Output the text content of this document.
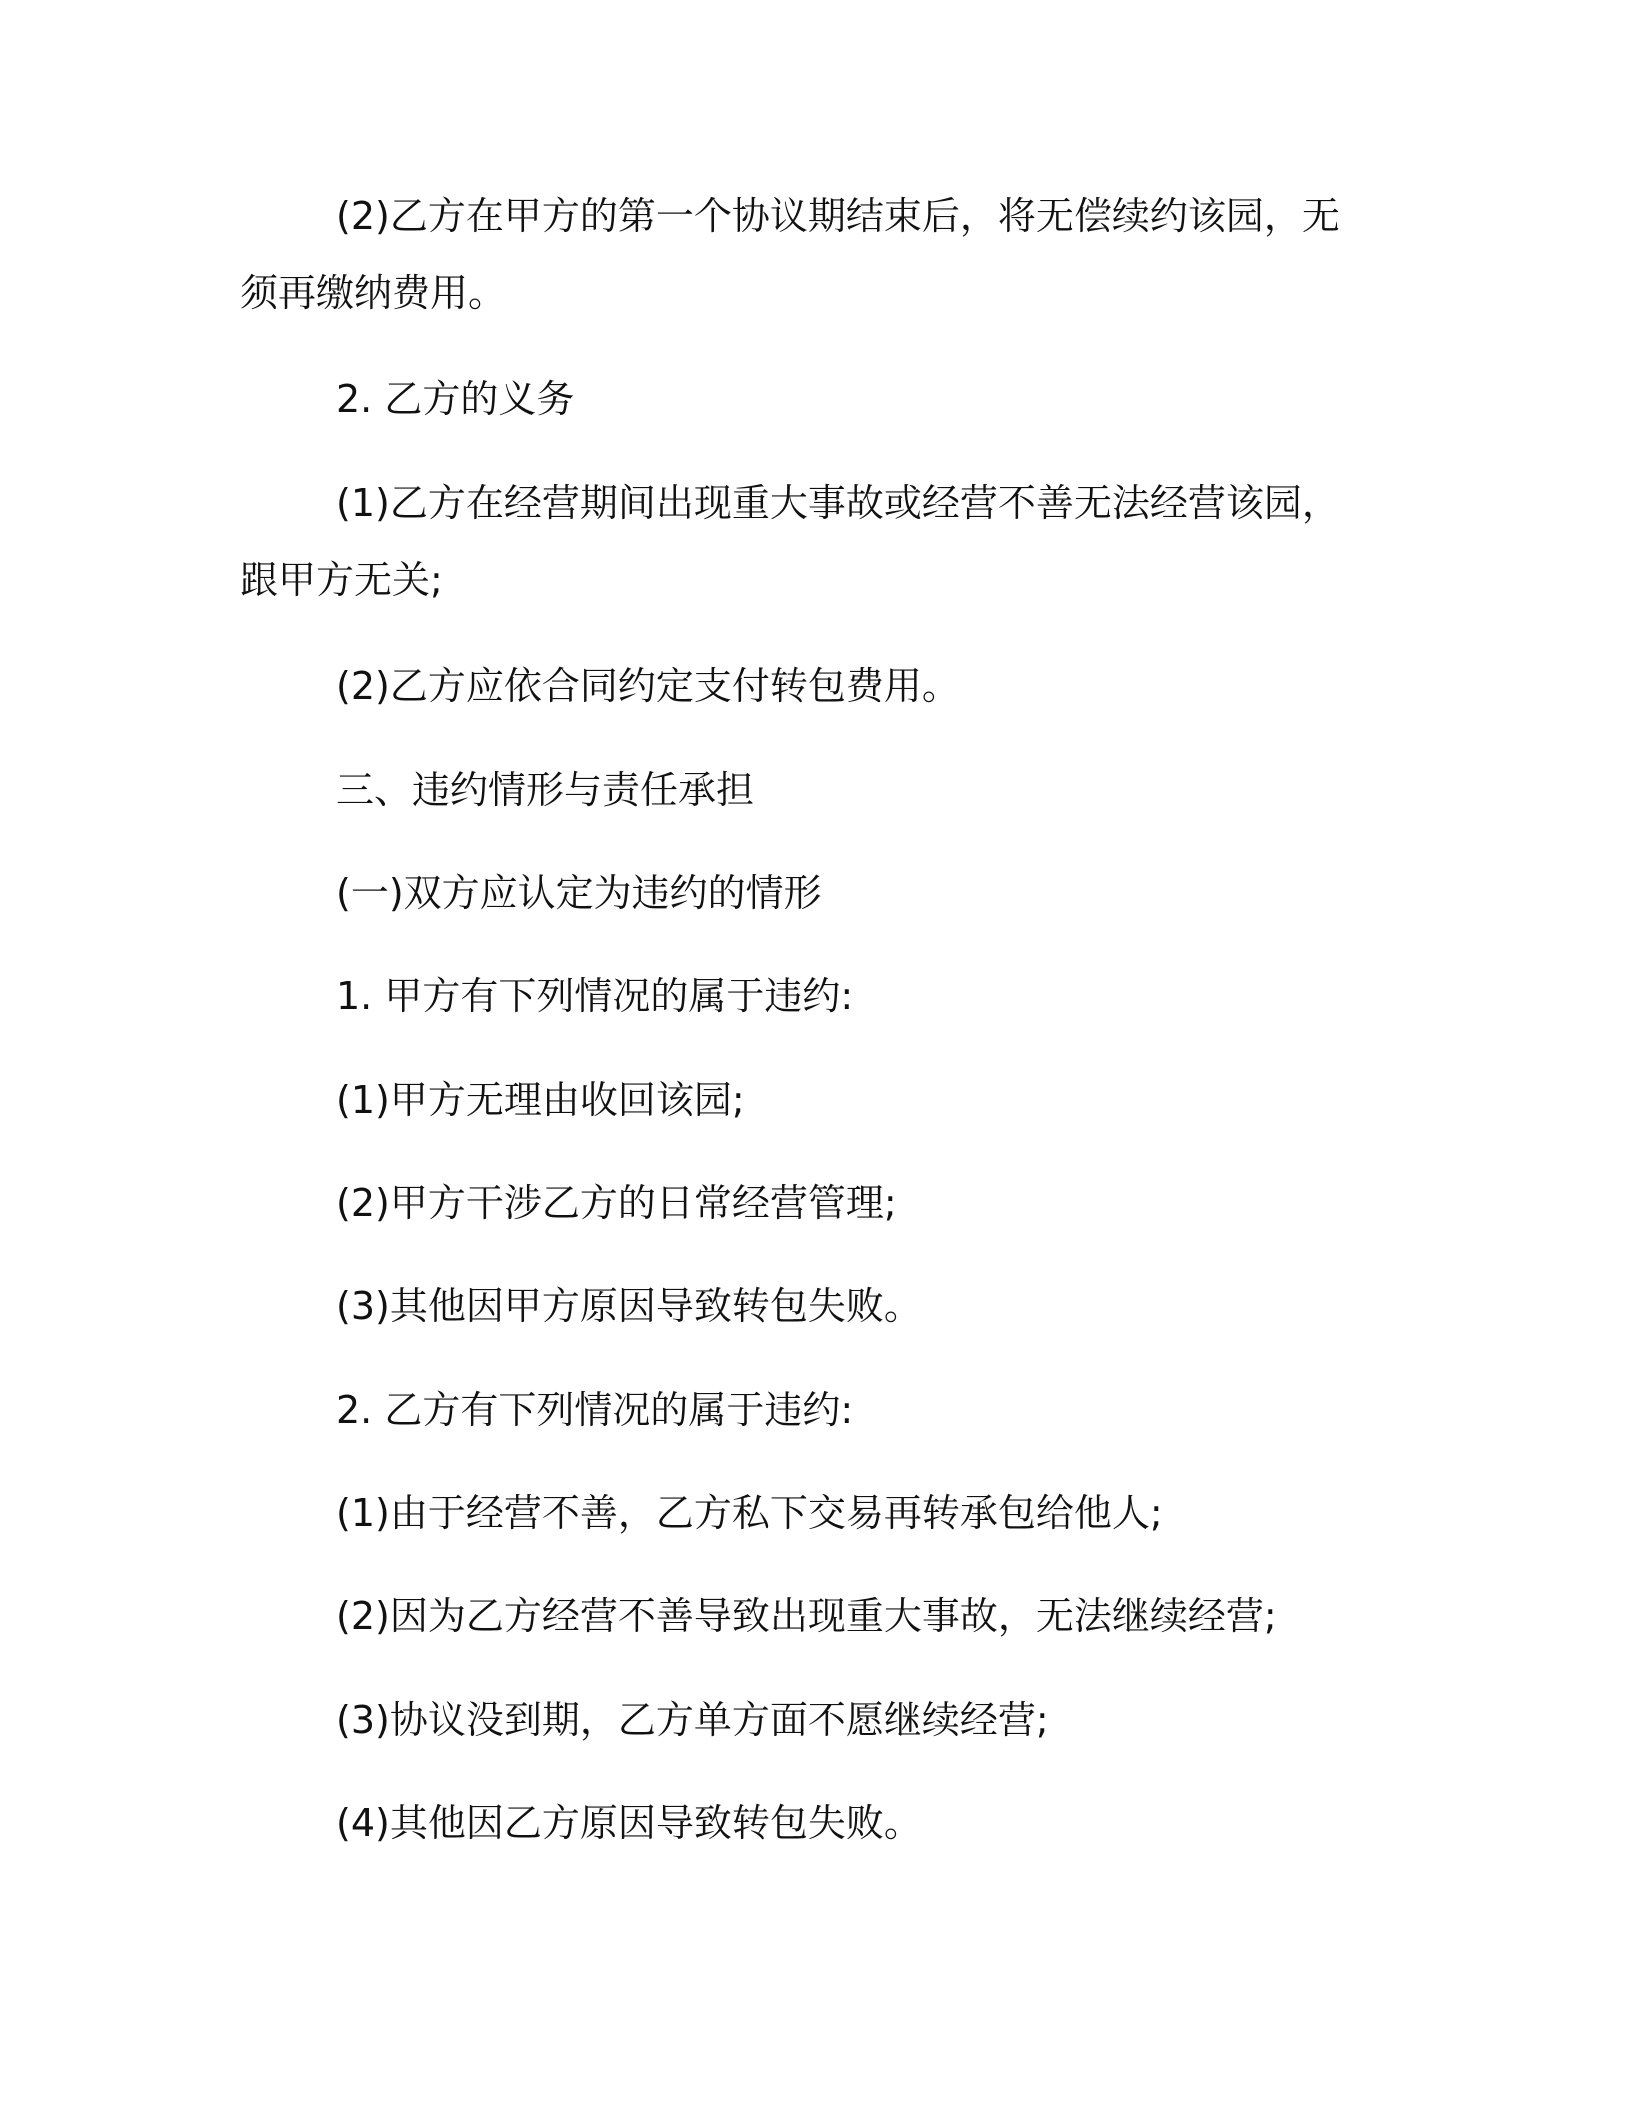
(2)乙方在甲方的第一个协议期结束后，将无偿续约该园，无须再缴纳费用。

2. 乙方的义务

(1)乙方在经营期间出现重大事故或经营不善无法经营该园，跟甲方无关;

(2)乙方应依合同约定支付转包费用。

三、违约情形与责任承担

(一)双方应认定为违约的情形

1. 甲方有下列情况的属于违约:

(1)甲方无理由收回该园;

(2)甲方干涉乙方的日常经营管理;

(3)其他因甲方原因导致转包失败。

2. 乙方有下列情况的属于违约:

(1)由于经营不善，乙方私下交易再转承包给他人;

(2)因为乙方经营不善导致出现重大事故，无法继续经营;

(3)协议没到期，乙方单方面不愿继续经营;

(4)其他因乙方原因导致转包失败。
